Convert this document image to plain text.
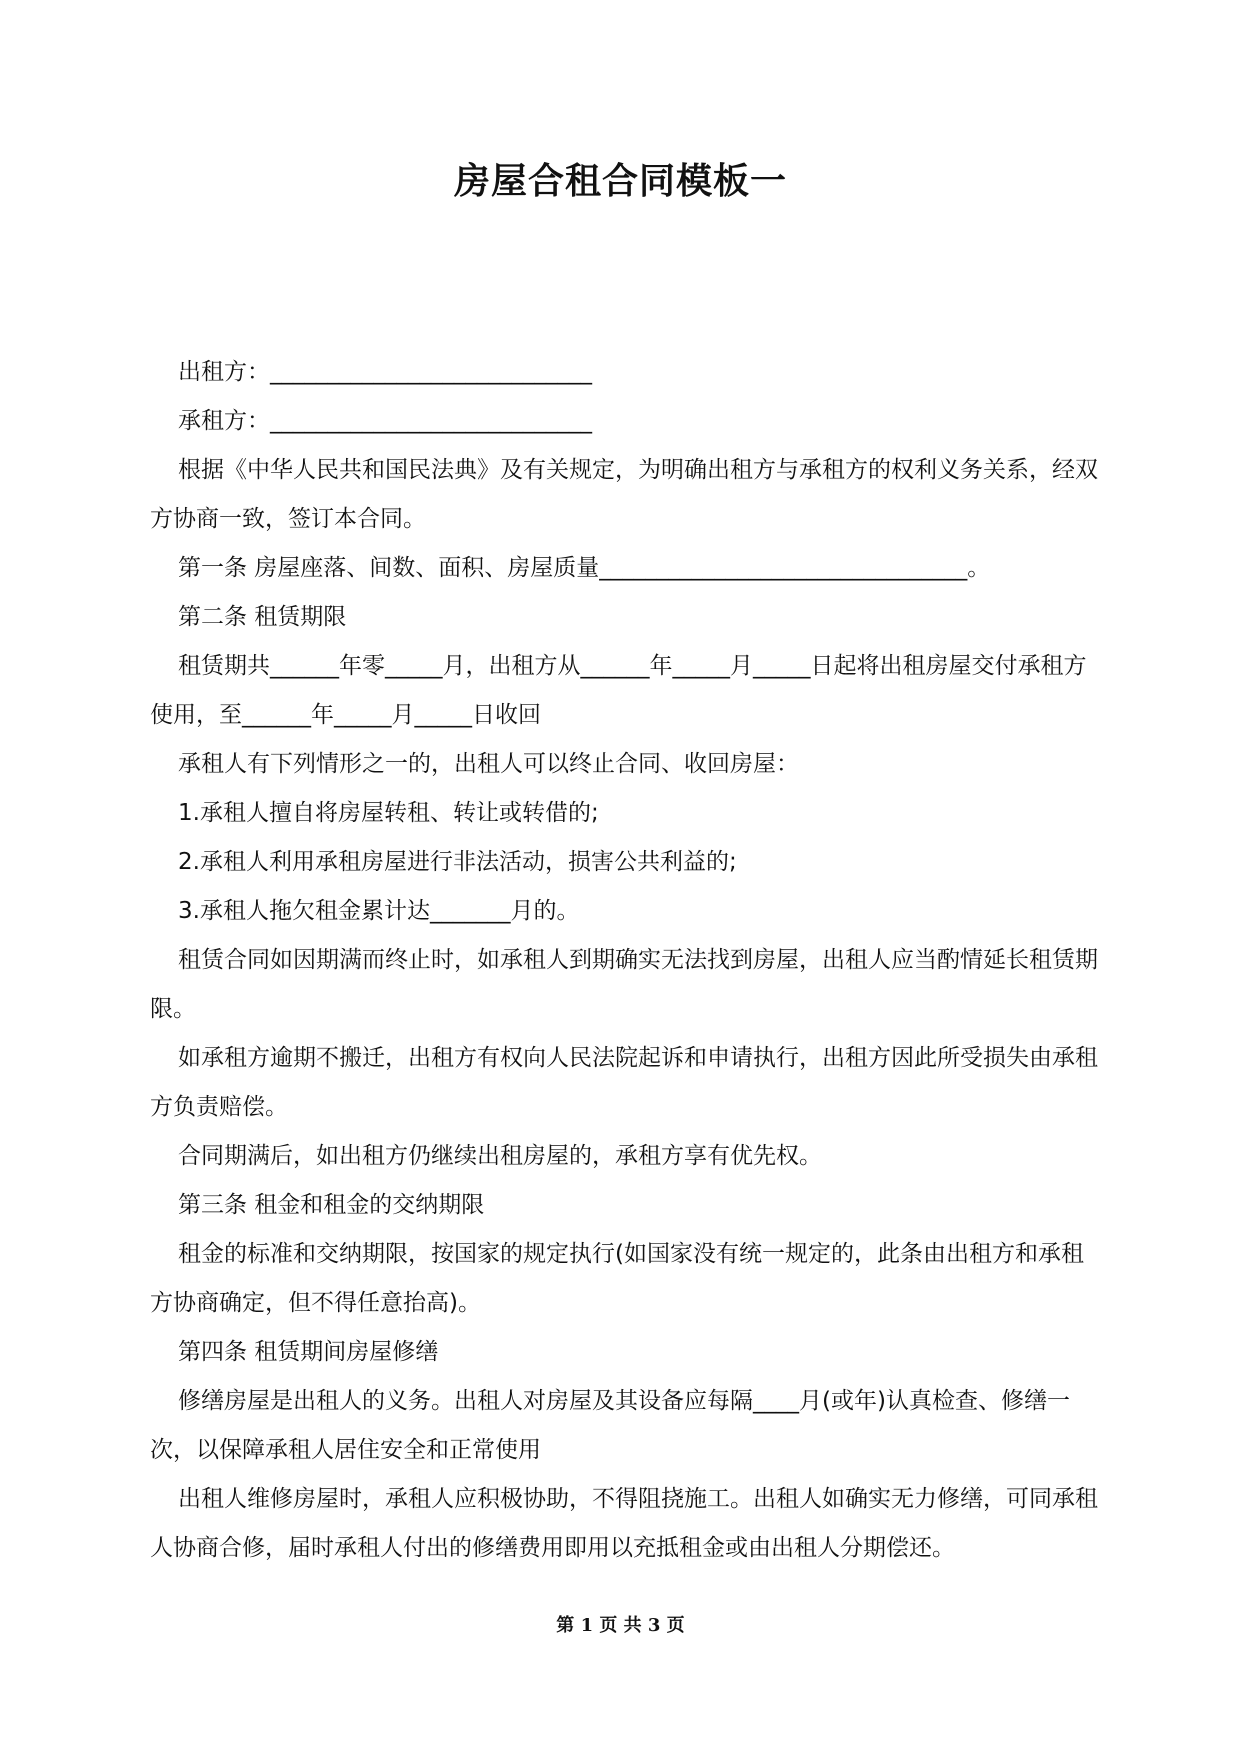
房屋合租合同模板一
出租方：____________________________
承租方：____________________________
根据《中华人民共和国民法典》及有关规定，为明确出租方与承租方的权利义务关系，经双方协商一致，签订本合同。
第一条 房屋座落、间数、面积、房屋质量________________________________。
第二条 租赁期限
租赁期共______年零_____月，出租方从______年_____月_____日起将出租房屋交付承租方使用，至______年_____月_____日收回
承租人有下列情形之一的，出租人可以终止合同、收回房屋：
1.承租人擅自将房屋转租、转让或转借的;
2.承租人利用承租房屋进行非法活动，损害公共利益的;
3.承租人拖欠租金累计达_______月的。
租赁合同如因期满而终止时，如承租人到期确实无法找到房屋，出租人应当酌情延长租赁期限。
如承租方逾期不搬迁，出租方有权向人民法院起诉和申请执行，出租方因此所受损失由承租方负责赔偿。
合同期满后，如出租方仍继续出租房屋的，承租方享有优先权。
第三条 租金和租金的交纳期限
租金的标准和交纳期限，按国家的规定执行(如国家没有统一规定的，此条由出租方和承租方协商确定，但不得任意抬高)。
第四条 租赁期间房屋修缮
修缮房屋是出租人的义务。出租人对房屋及其设备应每隔____月(或年)认真检查、修缮一次，以保障承租人居住安全和正常使用
出租人维修房屋时，承租人应积极协助，不得阻挠施工。出租人如确实无力修缮，可同承租人协商合修，届时承租人付出的修缮费用即用以充抵租金或由出租人分期偿还。
第 1 页 共 3 页
